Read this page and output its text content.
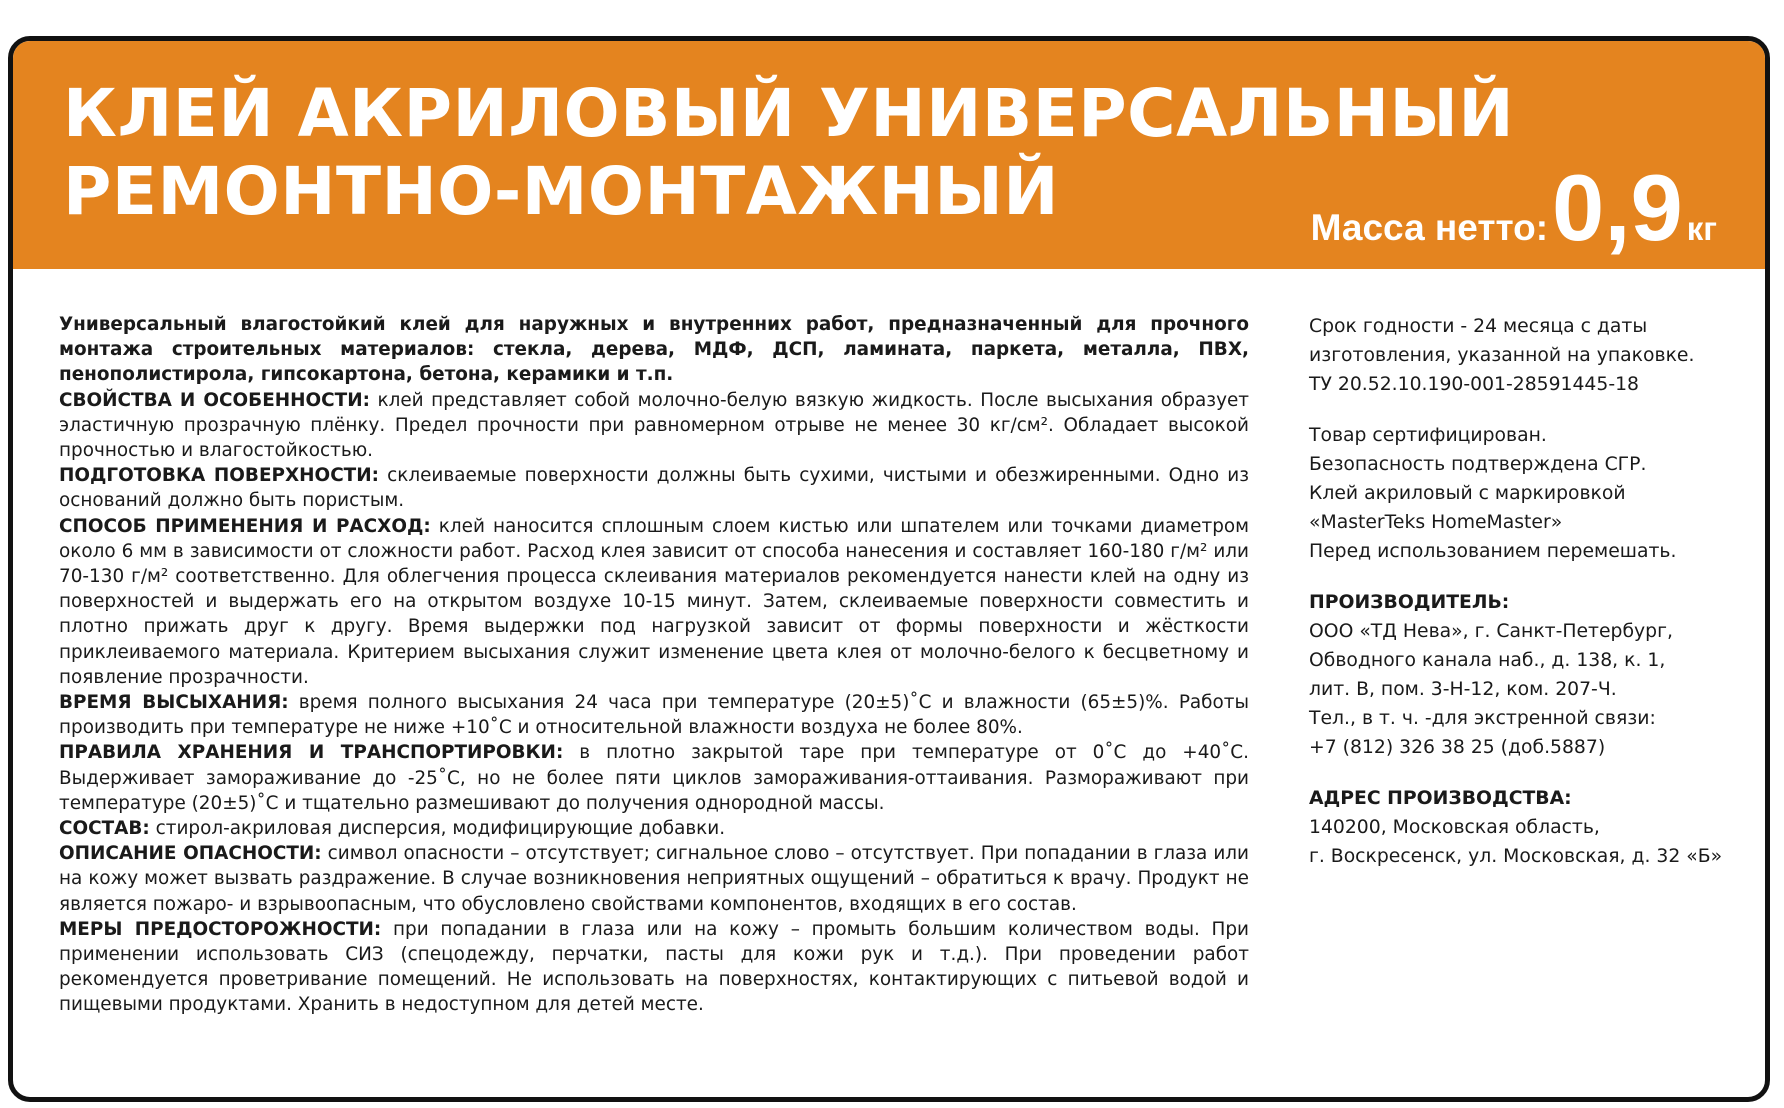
КЛЕЙ АКРИЛОВЫЙ УНИВЕРСАЛЬНЫЙ
РЕМОНТНО-МОНТАЖНЫЙ	Масса нетто: 0,9 кг

Универсальный влагостойкий клей для наружных и внутренних работ, предназначенный для прочного монтажа строительных материалов: стекла, дерева, МДФ, ДСП, ламината, паркета, металла, ПВХ, пенополистирола, гипсокартона, бетона, керамики и т.п.

СВОЙСТВА И ОСОБЕННОСТИ: клей представляет собой молочно-белую вязкую жидкость. После высыхания образует эластичную прозрачную плёнку. Предел прочности при равномерном отрыве не менее 30 кг/см². Обладает высокой прочностью и влагостойкостью.

ПОДГОТОВКА ПОВЕРХНОСТИ: склеиваемые поверхности должны быть сухими, чистыми и обезжиренными. Одно из оснований должно быть пористым.

СПОСОБ ПРИМЕНЕНИЯ И РАСХОД: клей наносится сплошным слоем кистью или шпателем или точками диаметром около 6 мм в зависимости от сложности работ. Расход клея зависит от способа нанесения и составляет 160-180 г/м² или 70-130 г/м² соответственно. Для облегчения процесса склеивания материалов рекомендуется нанести клей на одну из поверхностей и выдержать его на открытом воздухе 10-15 минут. Затем, склеиваемые поверхности совместить и плотно прижать друг к другу. Время выдержки под нагрузкой зависит от формы поверхности и жёсткости приклеиваемого материала. Критерием высыхания служит изменение цвета клея от молочно-белого к бесцветному и появление прозрачности.

ВРЕМЯ ВЫСЫХАНИЯ: время полного высыхания 24 часа при температуре (20±5)˚С и влажности (65±5)%. Работы производить при температуре не ниже +10˚С и относительной влажности воздуха не более 80%.

ПРАВИЛА ХРАНЕНИЯ И ТРАНСПОРТИРОВКИ: в плотно закрытой таре при температуре от 0˚С до +40˚С. Выдерживает замораживание до -25˚С, но не более пяти циклов замораживания-оттаивания. Размораживают при температуре (20±5)˚С и тщательно размешивают до получения однородной массы.

СОСТАВ: стирол-акриловая дисперсия, модифицирующие добавки.

ОПИСАНИЕ ОПАСНОСТИ: символ опасности – отсутствует; сигнальное слово – отсутствует. При попадании в глаза или на кожу может вызвать раздражение. В случае возникновения неприятных ощущений – обратиться к врачу. Продукт не является пожаро- и взрывоопасным, что обусловлено свойствами компонентов, входящих в его состав.

МЕРЫ ПРЕДОСТОРОЖНОСТИ: при попадании в глаза или на кожу – промыть большим количеством воды. При применении использовать СИЗ (спецодежду, перчатки, пасты для кожи рук и т.д.). При проведении работ рекомендуется проветривание помещений. Не использовать на поверхностях, контактирующих с питьевой водой и пищевыми продуктами. Хранить в недоступном для детей месте.

Срок годности - 24 месяца с даты

изготовления, указанной на упаковке.

ТУ 20.52.10.190-001-28591445-18

Товар сертифицирован.

Безопасность подтверждена СГР.

Клей акриловый с маркировкой

«MasterTeks HomeMaster»

Перед использованием перемешать.

ПРОИЗВОДИТЕЛЬ:

ООО «ТД Нева», г. Санкт-Петербург,

Обводного канала наб., д. 138, к. 1,

лит. В, пом. 3-Н-12, ком. 207-Ч.

Тел., в т. ч. -для экстренной связи:

+7 (812) 326 38 25 (доб.5887)

АДРЕС ПРОИЗВОДСТВА:

140200, Московская область,

г. Воскресенск, ул. Московская, д. 32 «Б»
